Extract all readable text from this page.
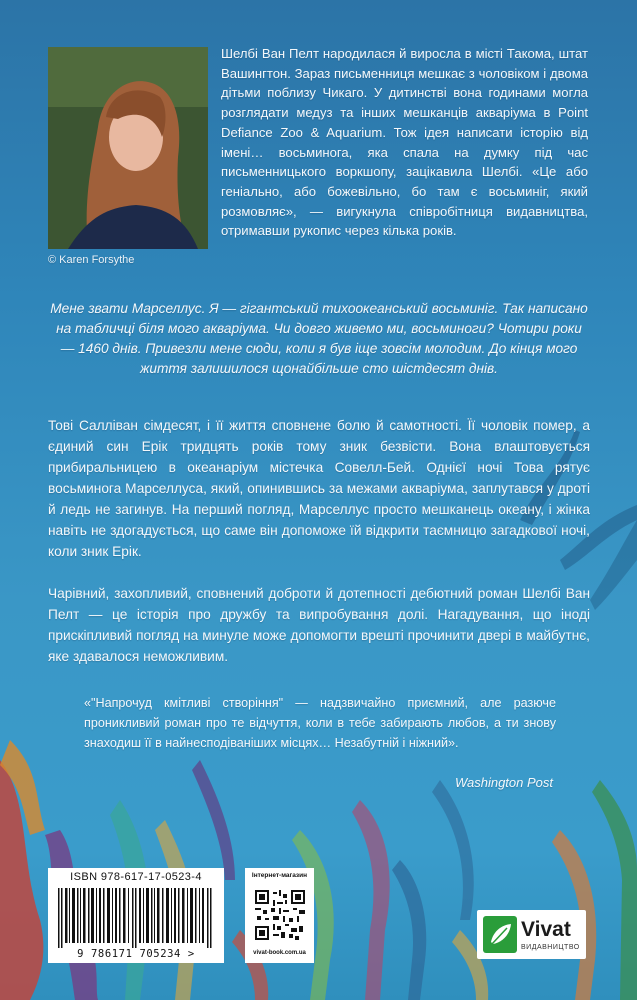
© Karen Forsythe

Шелбі Ван Пелт народилася й виросла в місті Такома, штат Вашингтон. Зараз письменниця мешкає з чоловіком і двома дітьми поблизу Чикаго. У дитинстві вона годинами могла розглядати медуз та інших мешканців акваріума в Point Defiance Zoo & Aquarium. Тож ідея написати історію від імені… восьминога, яка спала на думку під час письменницького воркшопу, зацікавила Шелбі. «Це або геніально, або божевільно, бо там є восьминіг, який розмовляє», — вигукнула співробітниця видавництва, отримавши рукопис через кілька років.

Мене звати Марселлус. Я — гігантський тихоокеанський восьминіг. Так написано на табличці біля мого акваріума. Чи довго живемо ми, восьминоги? Чотири роки — 1460 днів. Привезли мене сюди, коли я був іще зовсім молодим. До кінця мого життя залишилося щонайбільше сто шістдесят днів.

Тові Салліван сімдесят, і її життя сповнене болю й самотності. Її чоловік помер, а єдиний син Ерік тридцять років тому зник безвісти. Вона влаштовується прибиральницею в океанаріум містечка Совелл-Бей. Однієї ночі Това рятує восьминога Марселлуса, який, опинившись за межами акваріума, заплутався у дроті й ледь не загинув. На перший погляд, Марселлус просто мешканець океану, і жінка навіть не здогадується, що саме він допоможе їй відкрити таємницю загадкової ночі, коли зник Ерік.

Чарівний, захопливий, сповнений доброти й дотепності дебютний роман Шелбі Ван Пелт — це історія про дружбу та випробування долі. Нагадування, що іноді прискіпливий погляд на минуле може допомогти врешті прочинити двері в майбутнє, яке здавалося неможливим.

«"Напрочуд кмітливі створіння" — надзвичайно приємний, але разюче проникливий роман про те відчуття, коли в тебе забирають любов, а ти знову знаходиш її в найнесподіваніших місцях… Незабутній і ніжний».

Washington Post
ISBN 978-617-17-0523-4
9 786171 705234 >
Інтернет-магазин
vivat-book.com.ua
Vivat
ВИДАВНИЦТВО
